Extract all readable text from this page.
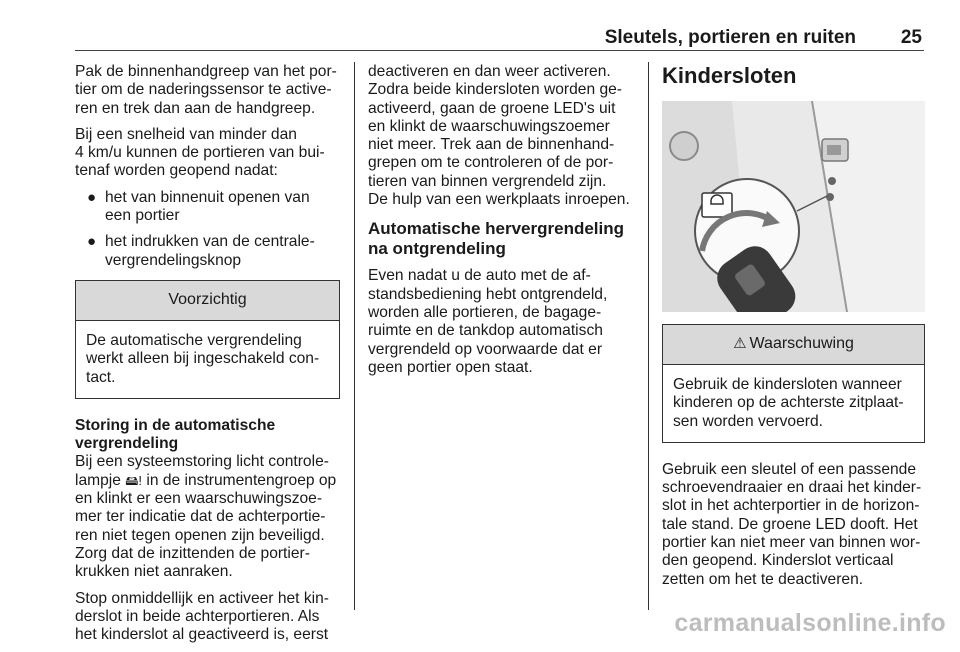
Sleutels, portieren en ruiten 25

Pak de binnenhandgreep van het por-
tier om de naderingssensor te active-
ren en trek dan aan de handgreep.

Bij een snelheid van minder dan
4 km/u kunnen de portieren van bui-
tenaf worden geopend nadat:

● het van binnenuit openen van
een portier
● het indrukken van de centrale-
vergrendelingsknop
Voorzichtig
De automatische vergrendeling
werkt alleen bij ingeschakeld con-
tact.

Storing in de automatische
vergrendeling

Bij een systeemstoring licht controle-
lampje 🖴! in de instrumentengroep op
en klinkt er een waarschuwingszoe-
mer ter indicatie dat de achterportie-
ren niet tegen openen zijn beveiligd.
Zorg dat de inzittenden de portier-
krukken niet aanraken.

Stop onmiddellijk en activeer het kin-
derslot in beide achterportieren. Als
het kinderslot al geactiveerd is, eerst

deactiveren en dan weer activeren.
Zodra beide kindersloten worden ge-
activeerd, gaan de groene LED's uit
en klinkt de waarschuwingszoemer
niet meer. Trek aan de binnenhand-
grepen om te controleren of de por-
tieren van binnen vergrendeld zijn.
De hulp van een werkplaats inroepen.

Automatische hervergrendeling
na ontgrendeling

Even nadat u de auto met de af-
standsbediening hebt ontgrendeld,
worden alle portieren, de bagage-
ruimte en de tankdop automatisch
vergrendeld op voorwaarde dat er
geen portier open staat.

Kindersloten
⚠ Waarschuwing
Gebruik de kindersloten wanneer
kinderen op de achterste zitplaat-
sen worden vervoerd.

Gebruik een sleutel of een passende
schroevendraaier en draai het kinder-
slot in het achterportier in de horizon-
tale stand. De groene LED dooft. Het
portier kan niet meer van binnen wor-
den geopend. Kinderslot verticaal
zetten om het te deactiveren.

carmanualsonline.info
